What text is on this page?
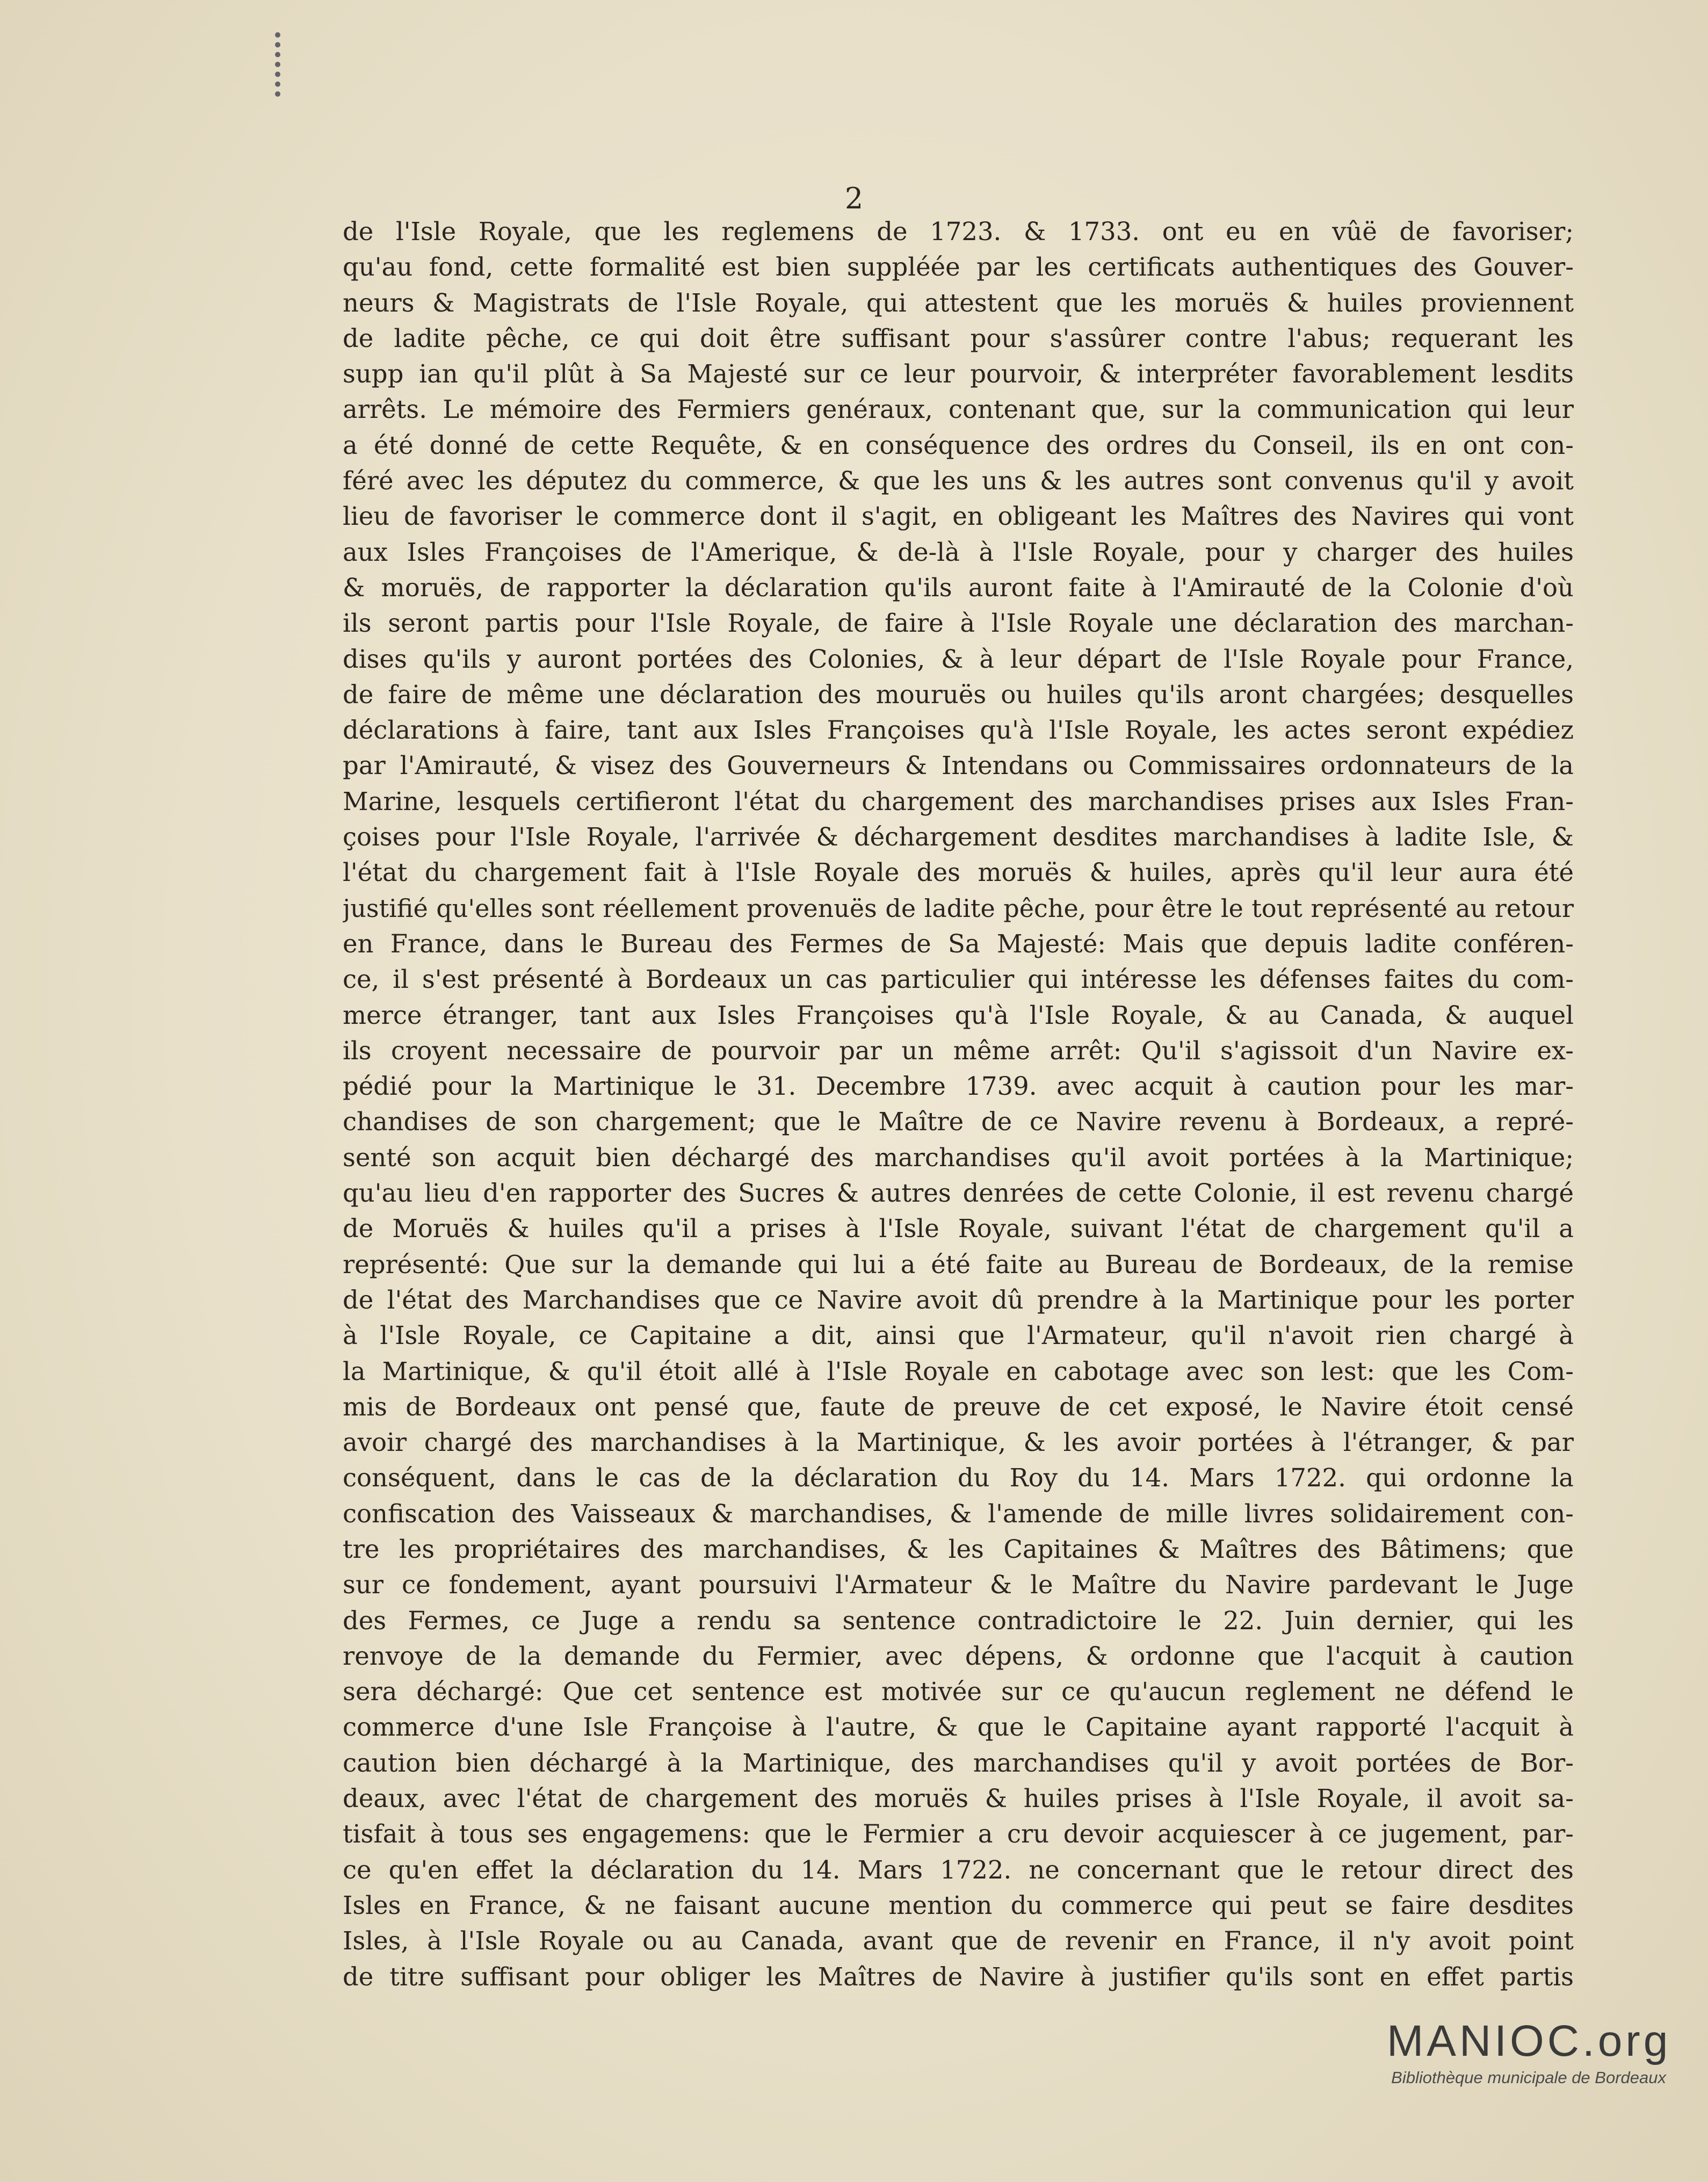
2
de l'Isle Royale, que les reglemens de 1723. & 1733. ont eu en vûë de favoriser;
qu'au fond, cette formalité est bien suppléée par les certificats authentiques des Gouver-
neurs & Magistrats de l'Isle Royale, qui attestent que les moruës & huiles proviennent
de ladite pêche, ce qui doit être suffisant pour s'assûrer contre l'abus; requerant les
supp ian qu'il plût à Sa Majesté sur ce leur pourvoir, & interpréter favorablement lesdits
arrêts. Le mémoire des Fermiers genéraux, contenant que, sur la communication qui leur
a été donné de cette Requête, & en conséquence des ordres du Conseil, ils en ont con-
féré avec les députez du commerce, & que les uns & les autres sont convenus qu'il y avoit
lieu de favoriser le commerce dont il s'agit, en obligeant les Maîtres des Navires qui vont
aux Isles Françoises de l'Amerique, & de-là à l'Isle Royale, pour y charger des huiles
& moruës, de rapporter la déclaration qu'ils auront faite à l'Amirauté de la Colonie d'où
ils seront partis pour l'Isle Royale, de faire à l'Isle Royale une déclaration des marchan-
dises qu'ils y auront portées des Colonies, & à leur départ de l'Isle Royale pour France,
de faire de même une déclaration des mouruës ou huiles qu'ils aront chargées; desquelles
déclarations à faire, tant aux Isles Françoises qu'à l'Isle Royale, les actes seront expédiez
par l'Amirauté, & visez des Gouverneurs & Intendans ou Commissaires ordonnateurs de la
Marine, lesquels certifieront l'état du chargement des marchandises prises aux Isles Fran-
çoises pour l'Isle Royale, l'arrivée & déchargement desdites marchandises à ladite Isle, &
l'état du chargement fait à l'Isle Royale des moruës & huiles, après qu'il leur aura été
justifié qu'elles sont réellement provenuës de ladite pêche, pour être le tout représenté au retour
en France, dans le Bureau des Fermes de Sa Majesté: Mais que depuis ladite conféren-
ce, il s'est présenté à Bordeaux un cas particulier qui intéresse les défenses faites du com-
merce étranger, tant aux Isles Françoises qu'à l'Isle Royale, & au Canada, & auquel
ils croyent necessaire de pourvoir par un même arrêt: Qu'il s'agissoit d'un Navire ex-
pédié pour la Martinique le 31. Decembre 1739. avec acquit à caution pour les mar-
chandises de son chargement; que le Maître de ce Navire revenu à Bordeaux, a repré-
senté son acquit bien déchargé des marchandises qu'il avoit portées à la Martinique;
qu'au lieu d'en rapporter des Sucres & autres denrées de cette Colonie, il est revenu chargé
de Moruës & huiles qu'il a prises à l'Isle Royale, suivant l'état de chargement qu'il a
représenté: Que sur la demande qui lui a été faite au Bureau de Bordeaux, de la remise
de l'état des Marchandises que ce Navire avoit dû prendre à la Martinique pour les porter
à l'Isle Royale, ce Capitaine a dit, ainsi que l'Armateur, qu'il n'avoit rien chargé à
la Martinique, & qu'il étoit allé à l'Isle Royale en cabotage avec son lest: que les Com-
mis de Bordeaux ont pensé que, faute de preuve de cet exposé, le Navire étoit censé
avoir chargé des marchandises à la Martinique, & les avoir portées à l'étranger, & par
conséquent, dans le cas de la déclaration du Roy du 14. Mars 1722. qui ordonne la
confiscation des Vaisseaux & marchandises, & l'amende de mille livres solidairement con-
tre les propriétaires des marchandises, & les Capitaines & Maîtres des Bâtimens; que
sur ce fondement, ayant poursuivi l'Armateur & le Maître du Navire pardevant le Juge
des Fermes, ce Juge a rendu sa sentence contradictoire le 22. Juin dernier, qui les
renvoye de la demande du Fermier, avec dépens, & ordonne que l'acquit à caution
sera déchargé: Que cet sentence est motivée sur ce qu'aucun reglement ne défend le
commerce d'une Isle Françoise à l'autre, & que le Capitaine ayant rapporté l'acquit à
caution bien déchargé à la Martinique, des marchandises qu'il y avoit portées de Bor-
deaux, avec l'état de chargement des moruës & huiles prises à l'Isle Royale, il avoit sa-
tisfait à tous ses engagemens: que le Fermier a cru devoir acquiescer à ce jugement, par-
ce qu'en effet la déclaration du 14. Mars 1722. ne concernant que le retour direct des
Isles en France, & ne faisant aucune mention du commerce qui peut se faire desdites
Isles, à l'Isle Royale ou au Canada, avant que de revenir en France, il n'y avoit point
de titre suffisant pour obliger les Maîtres de Navire à justifier qu'ils sont en effet partis
MANIOC.org
Bibliothèque municipale de Bordeaux
